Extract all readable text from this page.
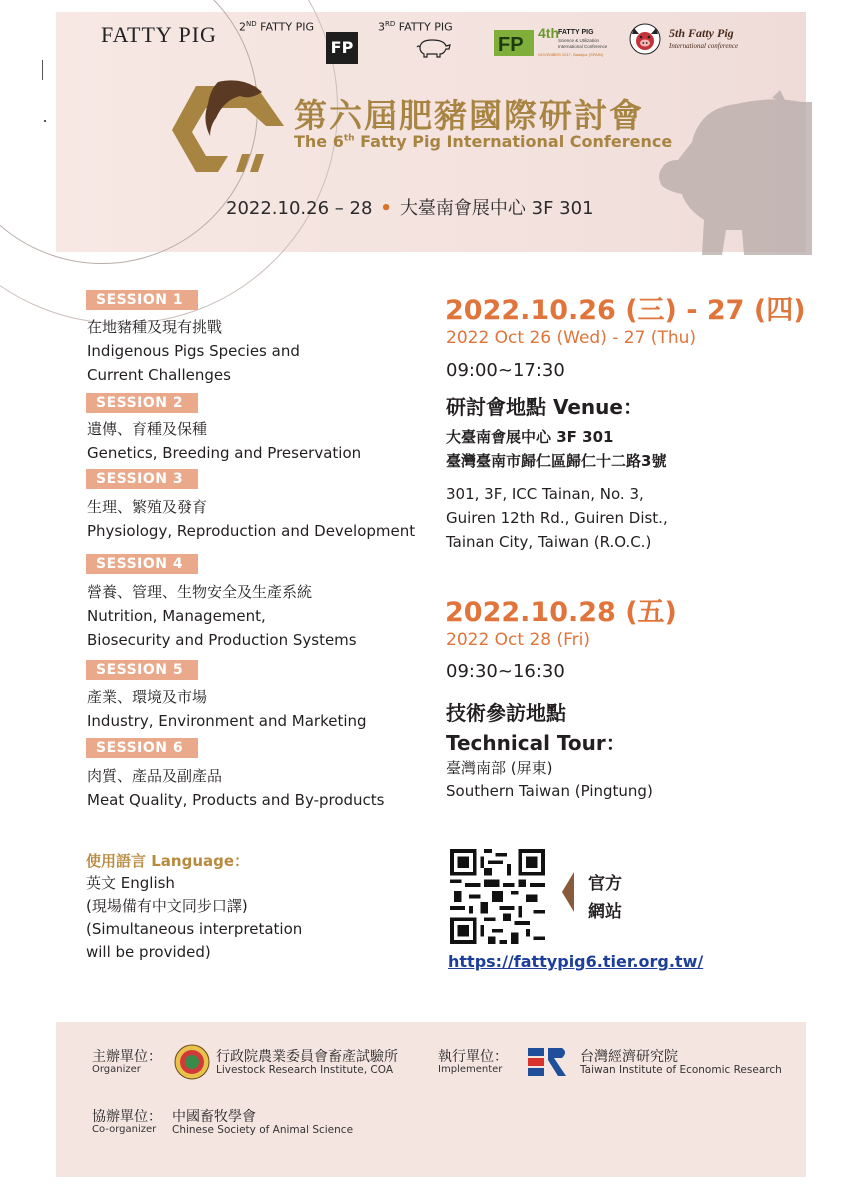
FATTY PIG 2ND FATTY PIG
FP
3RD FATTY PIG
FP
4th FATTY PIG
Science & Utilization
International Conference
NOVEMBER 2017, Badajoz (SPAIN)
5th Fatty Pig
International conference
第六屆肥豬國際研討會
The 6th Fatty Pig International Conference
2022.10.26 – 28 • 大臺南會展中心 3F 301
SESSION 1
在地豬種及現有挑戰
Indigenous Pigs Species and
Current Challenges
SESSION 2
遺傳、育種及保種
Genetics, Breeding and Preservation
SESSION 3
生理、繁殖及發育
Physiology, Reproduction and Development
SESSION 4
營養、管理、生物安全及生產系統
Nutrition, Management,
Biosecurity and Production Systems
SESSION 5
產業、環境及市場
Industry, Environment and Marketing
SESSION 6
肉質、產品及副產品
Meat Quality, Products and By-products
2022.10.26 (三) - 27 (四)
2022 Oct 26 (Wed) - 27 (Thu)
09:00~17:30
研討會地點 Venue：
大臺南會展中心 3F 301
臺灣臺南市歸仁區歸仁十二路3號
301, 3F, ICC Tainan, No. 3,
Guiren 12th Rd., Guiren Dist.,
Tainan City, Taiwan (R.O.C.)
2022.10.28 (五)
2022 Oct 28 (Fri)
09:30~16:30
技術參訪地點
Technical Tour：
臺灣南部 (屏東)
Southern Taiwan (Pingtung)
使用語言 Language：
英文 English
(現場備有中文同步口譯)
(Simultaneous interpretation
will be provided)
官方
網站
https://fattypig6.tier.org.tw/
主辦單位：
Organizer
行政院農業委員會畜產試驗所
Livestock Research Institute, COA
執行單位：
Implementer
台灣經濟研究院
Taiwan Institute of Economic Research
協辦單位：
Co-organizer
中國畜牧學會
Chinese Society of Animal Science
